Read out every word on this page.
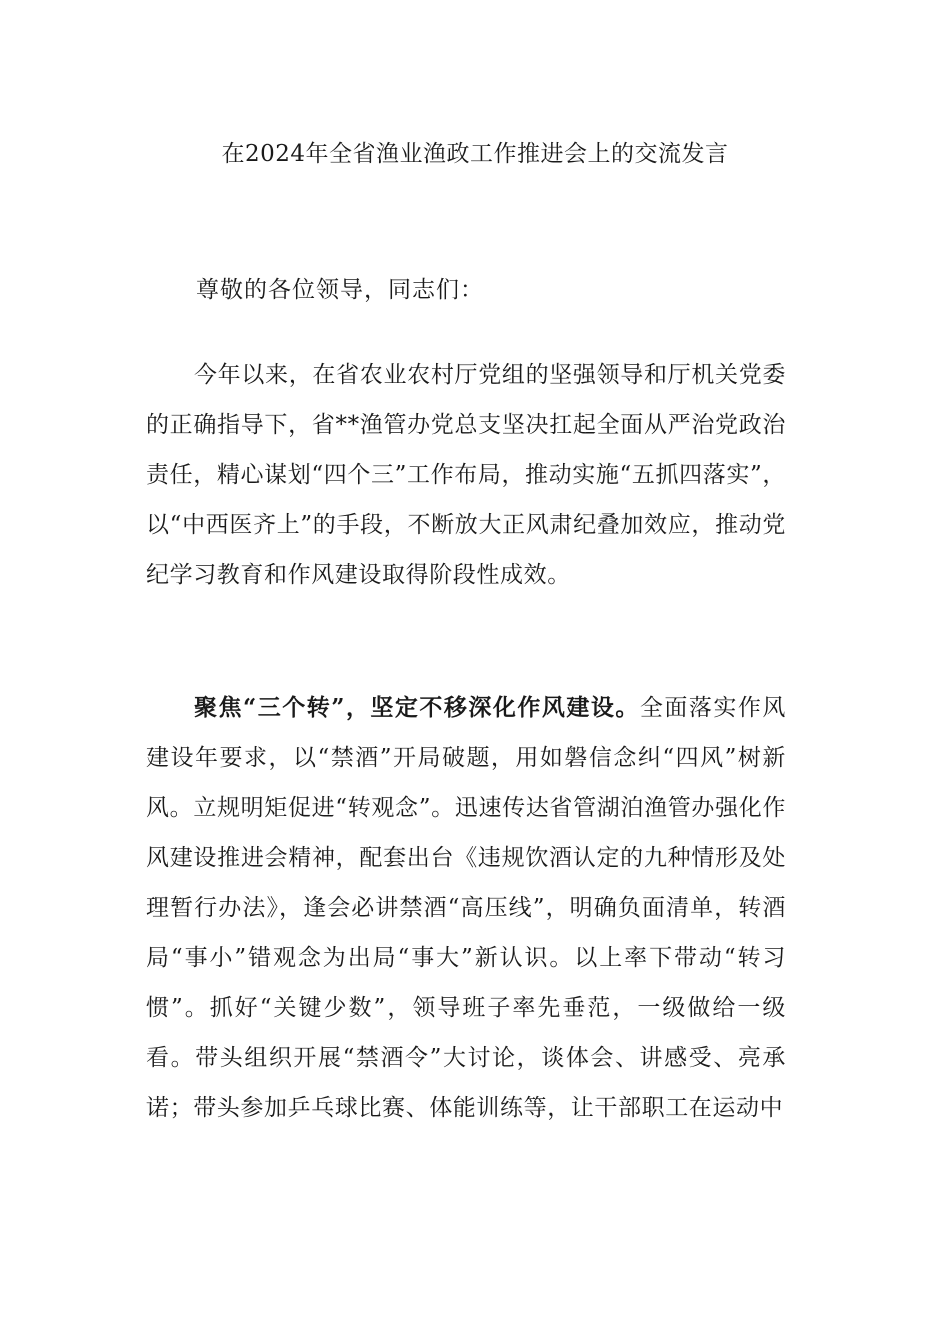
在2024年全省渔业渔政工作推进会上的交流发言
尊敬的各位领导，同志们：

今年以来，在省农业农村厅党组的坚强领导和厅机关党委的正确指导下，省**渔管办党总支坚决扛起全面从严治党政治责任，精心谋划“四个三”工作布局，推动实施“五抓四落实”，以“中西医齐上”的手段，不断放大正风肃纪叠加效应，推动党纪学习教育和作风建设取得阶段性成效。

聚焦“三个转”，坚定不移深化作风建设。全面落实作风建设年要求，以“禁酒”开局破题，用如磐信念纠“四风”树新风。立规明矩促进“转观念”。迅速传达省管湖泊渔管办强化作风建设推进会精神，配套出台《违规饮酒认定的九种情形及处理暂行办法》，逢会必讲禁酒“高压线”，明确负面清单，转酒局“事小”错观念为出局“事大”新认识。以上率下带动“转习惯”。抓好“关键少数”，领导班子率先垂范，一级做给一级看。带头组织开展“禁酒令”大讨论，谈体会、讲感受、亮承诺；带头参加乒乓球比赛、体能训练等，让干部职工在运动中
